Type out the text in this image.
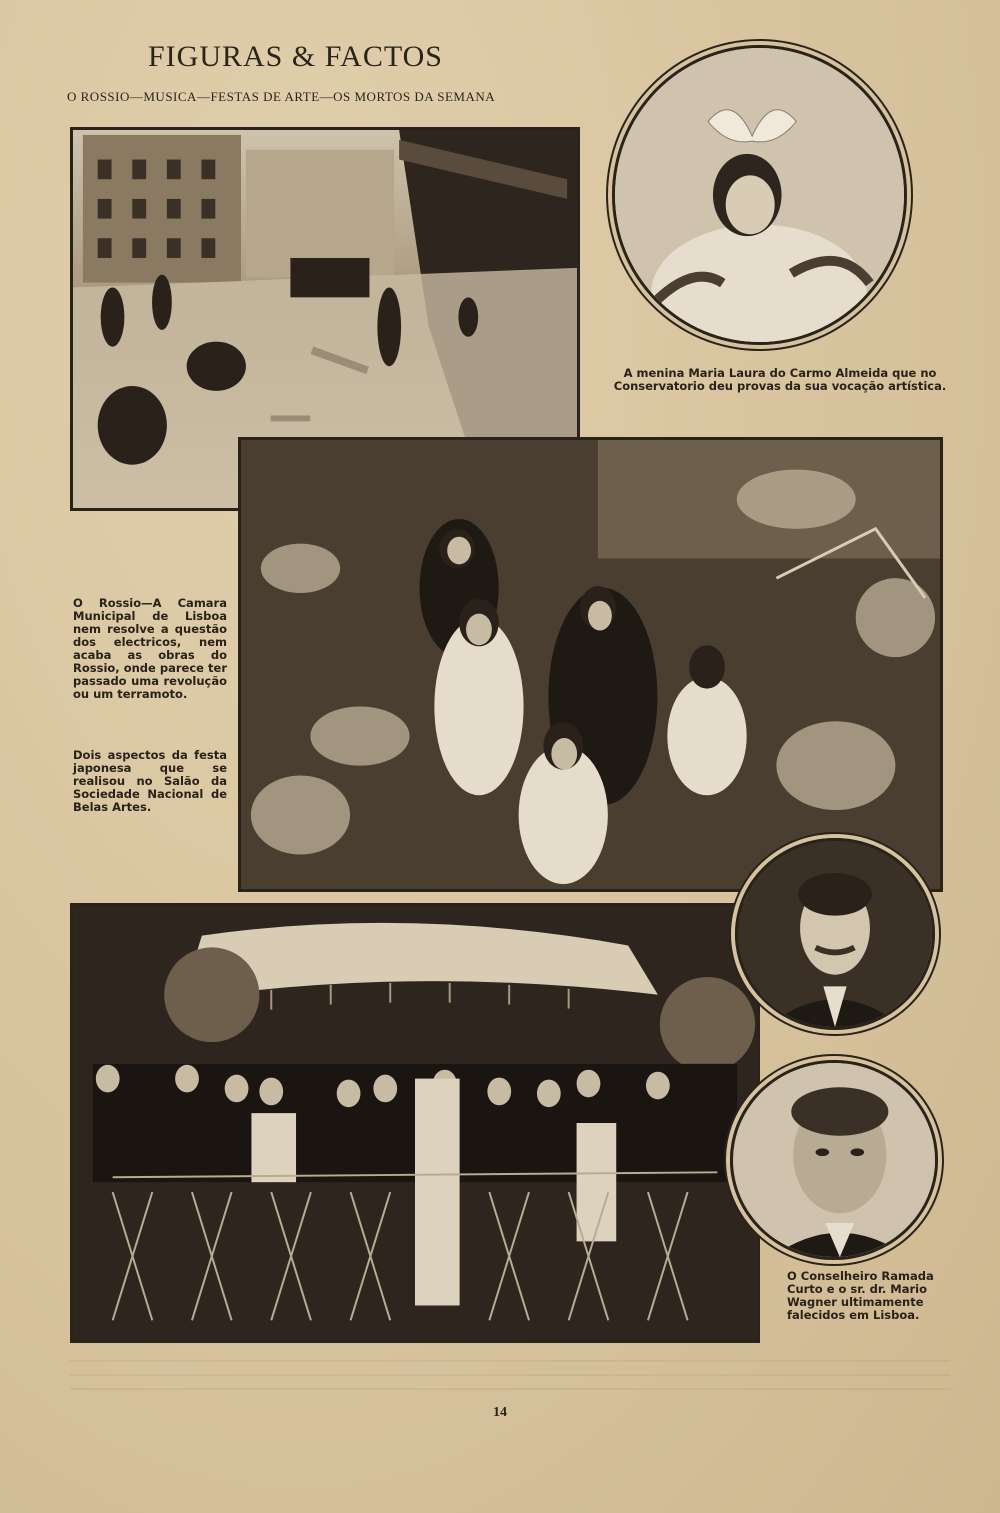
FIGURAS & FACTOS
O ROSSIO—MUSICA—FESTAS DE ARTE—OS MORTOS DA SEMANA
A menina Maria Laura do Carmo Almeida que no Conservatorio deu provas da sua vocação artística.
O Rossio—A Camara Municipal de Lisboa nem resolve a questão dos electricos, nem acaba as obras do Rossio, onde parece ter passado uma revolução ou um terramoto.
Dois aspectos da festa japonesa que se realisou no Salão da Sociedade Nacional de Belas Artes.
O Conselheiro Ramada Curto e o sr. dr. Mario Wagner ultimamente falecidos em Lisboa.
14
